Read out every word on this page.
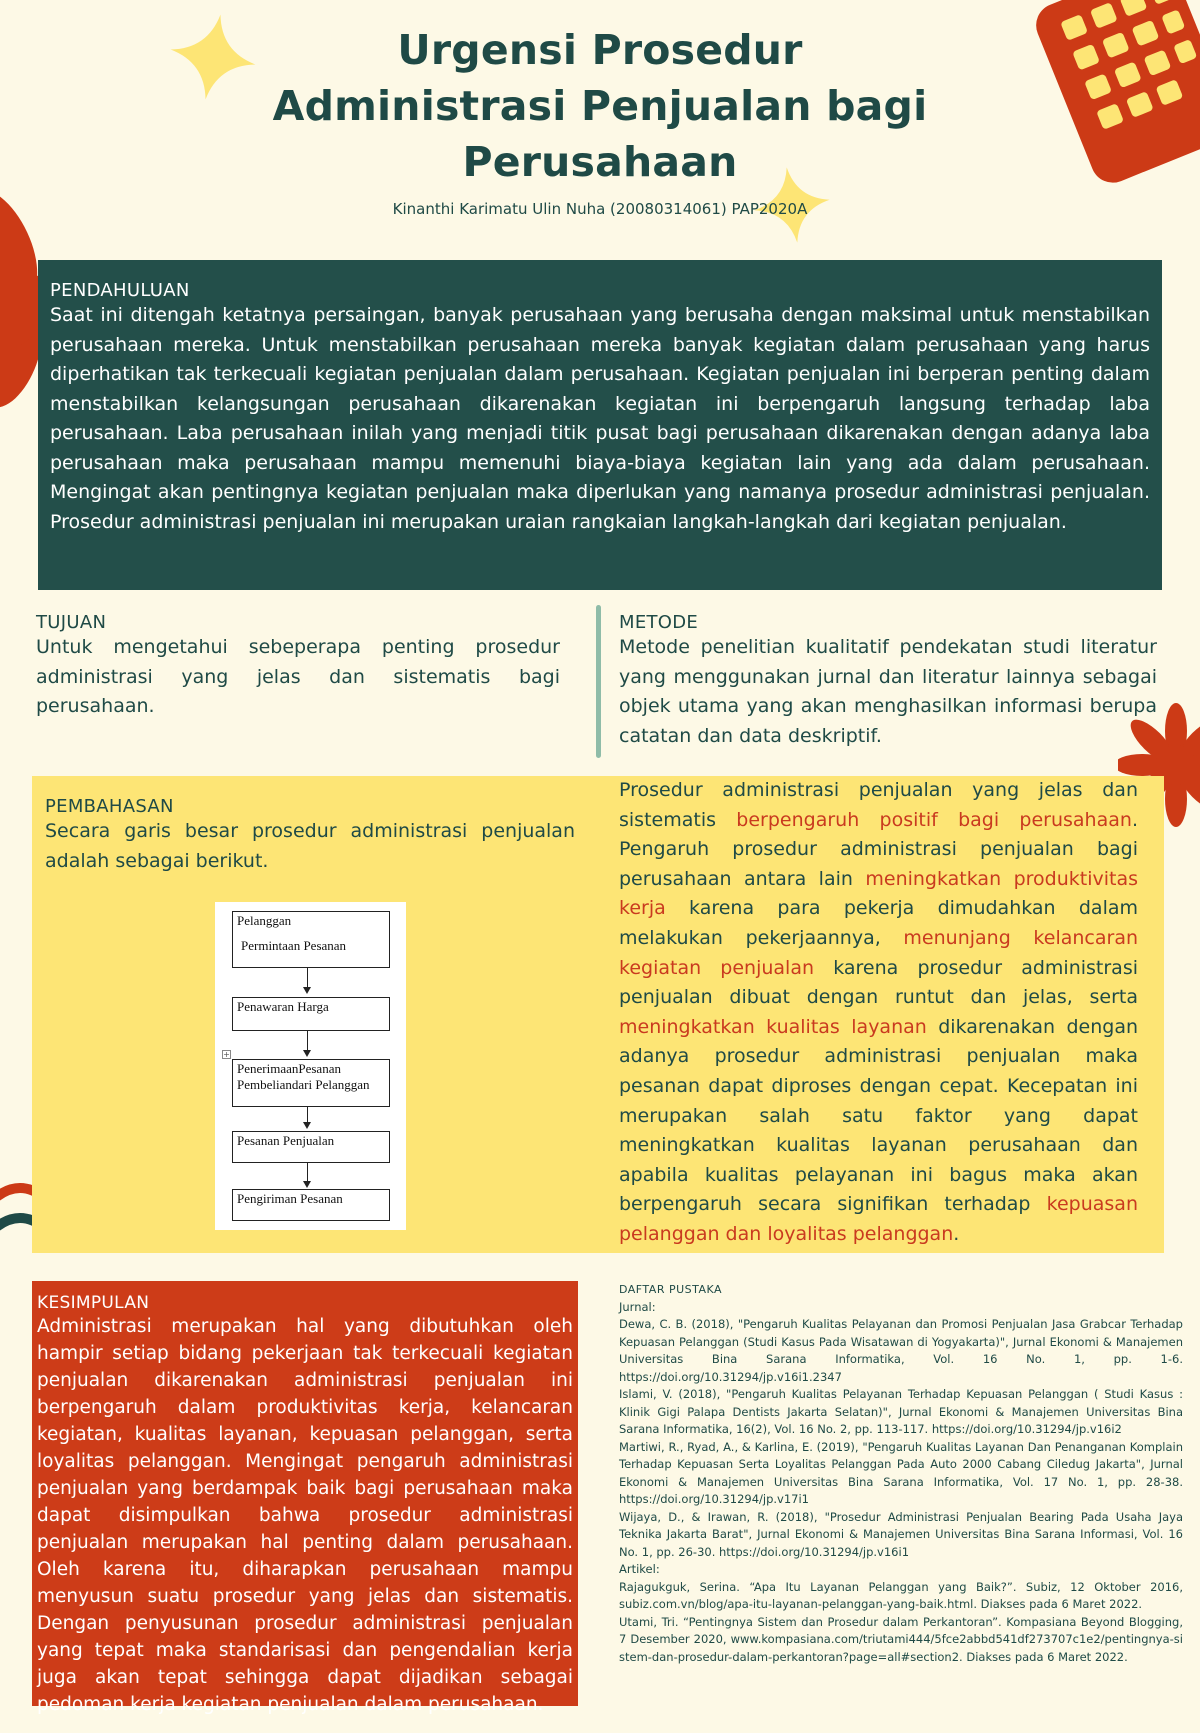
Urgensi Prosedur
Administrasi Penjualan bagi
Perusahaan
Kinanthi Karimatu Ulin Nuha (20080314061) PAP2020A
PENDAHULUAN
Saat ini ditengah ketatnya persaingan, banyak perusahaan yang berusaha dengan maksimal untuk menstabilkan perusahaan mereka. Untuk menstabilkan perusahaan mereka banyak kegiatan dalam perusahaan yang harus diperhatikan tak terkecuali kegiatan penjualan dalam perusahaan. Kegiatan penjualan ini berperan penting dalam menstabilkan kelangsungan perusahaan dikarenakan kegiatan ini berpengaruh langsung terhadap laba perusahaan. Laba perusahaan inilah yang menjadi titik pusat bagi perusahaan dikarenakan dengan adanya laba perusahaan maka perusahaan mampu memenuhi biaya-biaya kegiatan lain yang ada dalam perusahaan. Mengingat akan pentingnya kegiatan penjualan maka diperlukan yang namanya prosedur administrasi penjualan. Prosedur administrasi penjualan ini merupakan uraian rangkaian langkah-langkah dari kegiatan penjualan.
TUJUAN
Untuk mengetahui sebeperapa penting prosedur administrasi yang jelas dan sistematis bagi perusahaan.
METODE
Metode penelitian kualitatif pendekatan studi literatur yang menggunakan jurnal dan literatur lainnya sebagai objek utama yang akan menghasilkan informasi berupa catatan dan data deskriptif.
PEMBAHASAN
Secara garis besar prosedur administrasi penjualan adalah sebagai berikut.
Pelanggan
Permintaan Pesanan
Penawaran Harga
+
PenerimaanPesanan
Pembeliandari Pelanggan
Pesanan Penjualan
Pengiriman Pesanan

Prosedur administrasi penjualan yang jelas dan sistematis berpengaruh positif bagi perusahaan. Pengaruh prosedur administrasi penjualan bagi perusahaan antara lain meningkatkan produktivitas kerja karena para pekerja dimudahkan dalam melakukan pekerjaannya, menunjang kelancaran kegiatan penjualan karena prosedur administrasi penjualan dibuat dengan runtut dan jelas, serta meningkatkan kualitas layanan dikarenakan dengan adanya prosedur administrasi penjualan maka pesanan dapat diproses dengan cepat. Kecepatan ini merupakan salah satu faktor yang dapat meningkatkan kualitas layanan perusahaan dan apabila kualitas pelayanan ini bagus maka akan berpengaruh secara signifikan terhadap kepuasan pelanggan dan loyalitas pelanggan.

KESIMPULAN
Administrasi merupakan hal yang dibutuhkan oleh hampir setiap bidang pekerjaan tak terkecuali kegiatan penjualan dikarenakan administrasi penjualan ini berpengaruh dalam produktivitas kerja, kelancaran kegiatan, kualitas layanan, kepuasan pelanggan, serta loyalitas pelanggan. Mengingat pengaruh administrasi penjualan yang berdampak baik bagi perusahaan maka dapat disimpulkan bahwa prosedur administrasi penjualan merupakan hal penting dalam perusahaan. Oleh karena itu, diharapkan perusahaan mampu menyusun suatu prosedur yang jelas dan sistematis. Dengan penyusunan prosedur administrasi penjualan yang tepat maka standarisasi dan pengendalian kerja juga akan tepat sehingga dapat dijadikan sebagai pedoman kerja kegiatan penjualan dalam perusahaan.
DAFTAR PUSTAKA
Jurnal:
Dewa, C. B. (2018), "Pengaruh Kualitas Pelayanan dan Promosi Penjualan Jasa Grabcar Terhadap Kepuasan Pelanggan (Studi Kasus Pada Wisatawan di Yogyakarta)", Jurnal Ekonomi & Manajemen Universitas Bina Sarana Informatika, Vol. 16 No. 1, pp. 1-6. https://doi.org/10.31294/jp.v16i1.2347
Islami, V. (2018), "Pengaruh Kualitas Pelayanan Terhadap Kepuasan Pelanggan ( Studi Kasus : Klinik Gigi Palapa Dentists Jakarta Selatan)", Jurnal Ekonomi & Manajemen Universitas Bina Sarana Informatika, 16(2), Vol. 16 No. 2, pp. 113-117. https://doi.org/10.31294/jp.v16i2
Martiwi, R., Ryad, A., & Karlina, E. (2019), "Pengaruh Kualitas Layanan Dan Penanganan Komplain Terhadap Kepuasan Serta Loyalitas Pelanggan Pada Auto 2000 Cabang Ciledug Jakarta", Jurnal Ekonomi & Manajemen Universitas Bina Sarana Informatika, Vol. 17 No. 1, pp. 28-38. https://doi.org/10.31294/jp.v17i1
Wijaya, D., & Irawan, R. (2018), "Prosedur Administrasi Penjualan Bearing Pada Usaha Jaya Teknika Jakarta Barat", Jurnal Ekonomi & Manajemen Universitas Bina Sarana Informasi, Vol. 16 No. 1, pp. 26-30. https://doi.org/10.31294/jp.v16i1
Artikel:
Rajagukguk, Serina. “Apa Itu Layanan Pelanggan yang Baik?”. Subiz, 12 Oktober 2016, subiz.com.vn/blog/apa-itu-layanan-pelanggan-yang-baik.html. Diakses pada 6 Maret 2022.
Utami, Tri. “Pentingnya Sistem dan Prosedur dalam Perkantoran”. Kompasiana Beyond Blogging, 7 Desember 2020, www.kompasiana.com/triutami444/5fce2abbd541df273707c1e2/pentingnya-sistem-dan-prosedur-dalam-perkantoran?page=all#section2. Diakses pada 6 Maret 2022.
